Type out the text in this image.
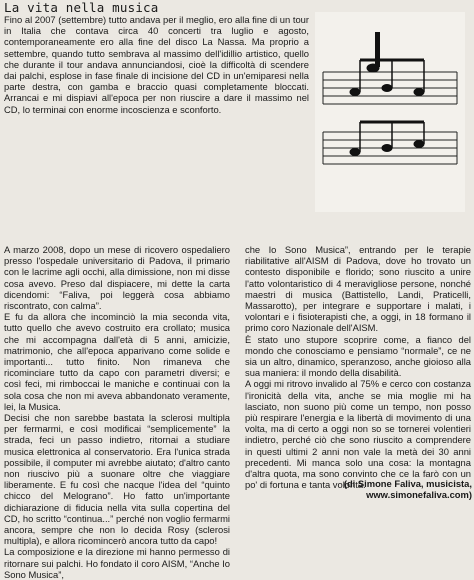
La vita nella musica

Fino al 2007 (settembre) tutto andava per il meglio, ero alla fine di un tour in Italia che contava circa 40 concerti tra luglio e agosto, contemporaneamente ero alla fine del disco La Nassa. Ma proprio a settembre, quando tutto sembrava al massimo dell'idillio artistico, quello che durante il tour andava annunciandosi, cioè la difficoltà di scendere dai palchi, esplose in fase finale di incisione del CD in un'emiparesi nella parte destra, con gamba e braccio quasi completamente bloccati. Arrancai e mi dispiavi all'epoca per non riuscire a dare il massimo nel CD, lo terminai con enorme incoscienza e sconforto.

A marzo 2008, dopo un mese di ricovero ospedaliero presso l'ospedale universitario di Padova, il primario con le lacrime agli occhi, alla dimissione, non mi disse cosa avevo. Preso dal dispiacere, mi dette la carta dicendomi: “Faliva, poi leggerà cosa abbiamo riscontrato, con calma”.

E fu da allora che incominciò la mia seconda vita, tutto quello che avevo costruito era crollato; musica che mi accompagna dall'età di 5 anni, amicizie, matrimonio, che all'epoca apparivano come solide e importanti... tutto finito. Non rimaneva che ricominciare tutto da capo con parametri diversi; e così feci, mi rimboccai le maniche e continuai con la sola cosa che non mi aveva abbandonato veramente, lei, la Musica.

Decisi che non sarebbe bastata la sclerosi multipla per fermarmi, e così modificai “semplicemente” la strada, feci un passo indietro, ritornai a studiare musica elettronica al conservatorio. Era l'unica strada possibile, il computer mi avrebbe aiutato; d'altro canto non riuscivo più a suonare oltre che viaggiare liberamente. E fu così che nacque l'idea del “quinto chicco del Melograno”. Ho fatto un'importante dichiarazione di fiducia nella vita sulla copertina del CD, ho scritto “continua...” perché non voglio fermarmi ancora, sempre che non lo decida Rosy (sclerosi multipla), e allora ricomincerò ancora tutto da capo!

La composizione e la direzione mi hanno permesso di ritornare sui palchi. Ho fondato il coro AISM, “Anche Io Sono Musica”,

che Io Sono Musica”, entrando per le terapie riabilitative all'AISM di Padova, dove ho trovato un contesto disponibile e florido; sono riuscito a unire l'atto volontaristico di 4 meravigliose persone, nonché maestri di musica (Battistello, Landi, Praticelli, Massarotto), per integrare e supportare i malati, i volontari e i fisioterapisti che, a oggi, in 18 formano il primo coro Nazionale dell'AISM.

È stato uno stupore scoprire come, a fianco del mondo che conosciamo e pensiamo “normale”, ce ne sia un altro, dinamico, speranzoso, anche gioioso alla sua maniera: il mondo della disabilità.

A oggi mi ritrovo invalido al 75% e cerco con costanza l'ironicità della vita, anche se mia moglie mi ha lasciato, non suono più come un tempo, non posso più respirare l'energia e la libertà di movimento di una volta, ma di certo a oggi non so se tornerei volentieri indietro, perché ciò che sono riuscito a comprendere in questi ultimi 2 anni non vale la metà dei 30 anni precedenti. Mi manca solo una cosa: la montagna d'altra quota, ma sono convinto che ce la farò con un po' di fortuna e tanta volontà.

(di Simone Faliva, musicista, www.simonefaliva.com)
